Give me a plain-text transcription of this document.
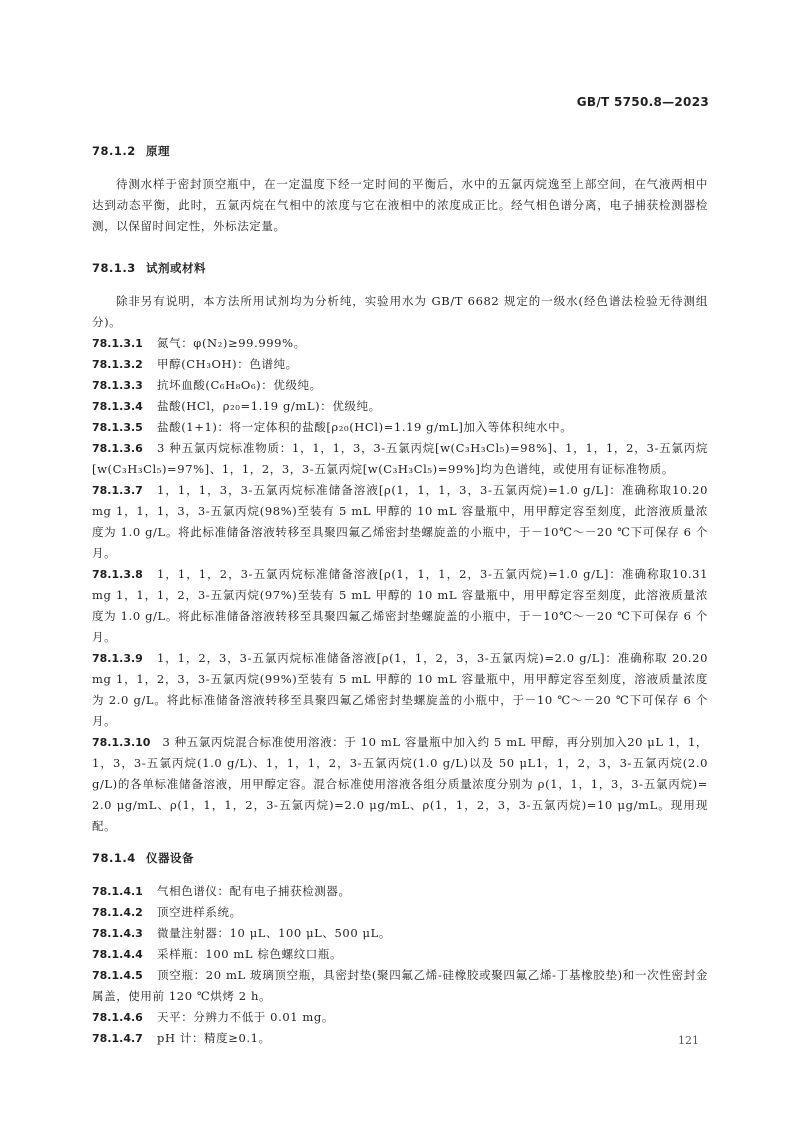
GB/T 5750.8—2023
78.1.2 原理

待测水样于密封顶空瓶中，在一定温度下经一定时间的平衡后，水中的五氯丙烷逸至上部空间，在气液两相中达到动态平衡，此时，五氯丙烷在气相中的浓度与它在液相中的浓度成正比。经气相色谱分离，电子捕获检测器检测，以保留时间定性，外标法定量。

78.1.3 试剂或材料

除非另有说明，本方法所用试剂均为分析纯，实验用水为 GB/T 6682 规定的一级水(经色谱法检验无待测组分)。

78.1.3.1 氮气：φ(N₂)≥99.999%。

78.1.3.2 甲醇(CH₃OH)：色谱纯。

78.1.3.3 抗坏血酸(C₆H₈O₆)：优级纯。

78.1.3.4 盐酸(HCl，ρ₂₀=1.19 g/mL)：优级纯。

78.1.3.5 盐酸(1+1)：将一定体积的盐酸[ρ₂₀(HCl)=1.19 g/mL]加入等体积纯水中。

78.1.3.6 3 种五氯丙烷标准物质：1，1，1，3，3-五氯丙烷[w(C₃H₃Cl₅)=98%]、1，1，1，2，3-五氯丙烷[w(C₃H₃Cl₅)=97%]、1，1，2，3，3-五氯丙烷[w(C₃H₃Cl₅)=99%]均为色谱纯，或使用有证标准物质。

78.1.3.7 1，1，1，3，3-五氯丙烷标准储备溶液[ρ(1，1，1，3，3-五氯丙烷)=1.0 g/L]：准确称取10.20 mg 1，1，1，3，3-五氯丙烷(98%)至装有 5 mL 甲醇的 10 mL 容量瓶中，用甲醇定容至刻度，此溶液质量浓度为 1.0 g/L。将此标准储备溶液转移至具聚四氟乙烯密封垫螺旋盖的小瓶中，于－10℃～－20 ℃下可保存 6 个月。

78.1.3.8 1，1，1，2，3-五氯丙烷标准储备溶液[ρ(1，1，1，2，3-五氯丙烷)=1.0 g/L]：准确称取10.31 mg 1，1，1，2，3-五氯丙烷(97%)至装有 5 mL 甲醇的 10 mL 容量瓶中，用甲醇定容至刻度，此溶液质量浓度为 1.0 g/L。将此标准储备溶液转移至具聚四氟乙烯密封垫螺旋盖的小瓶中，于－10℃～－20 ℃下可保存 6 个月。

78.1.3.9 1，1，2，3，3-五氯丙烷标准储备溶液[ρ(1，1，2，3，3-五氯丙烷)=2.0 g/L]：准确称取 20.20 mg 1，1，2，3，3-五氯丙烷(99%)至装有 5 mL 甲醇的 10 mL 容量瓶中，用甲醇定容至刻度，溶液质量浓度为 2.0 g/L。将此标准储备溶液转移至具聚四氟乙烯密封垫螺旋盖的小瓶中，于－10 ℃～－20 ℃下可保存 6 个月。

78.1.3.10 3 种五氯丙烷混合标准使用溶液：于 10 mL 容量瓶中加入约 5 mL 甲醇，再分别加入20 μL 1，1，1，3，3-五氯丙烷(1.0 g/L)、1，1，1，2，3-五氯丙烷(1.0 g/L)以及 50 μL1，1，2，3，3-五氯丙烷(2.0 g/L)的各单标准储备溶液，用甲醇定容。混合标准使用溶液各组分质量浓度分别为 ρ(1，1，1，3，3-五氯丙烷)= 2.0 μg/mL、ρ(1，1，1，2，3-五氯丙烷)=2.0 μg/mL、ρ(1，1，2，3，3-五氯丙烷)=10 μg/mL。现用现配。

78.1.4 仪器设备

78.1.4.1 气相色谱仪：配有电子捕获检测器。

78.1.4.2 顶空进样系统。

78.1.4.3 微量注射器：10 μL、100 μL、500 μL。

78.1.4.4 采样瓶：100 mL 棕色螺纹口瓶。

78.1.4.5 顶空瓶：20 mL 玻璃顶空瓶，具密封垫(聚四氟乙烯-硅橡胶或聚四氟乙烯-丁基橡胶垫)和一次性密封金属盖，使用前 120 ℃烘烤 2 h。

78.1.4.6 天平：分辨力不低于 0.01 mg。

78.1.4.7 pH 计：精度≥0.1。	121
